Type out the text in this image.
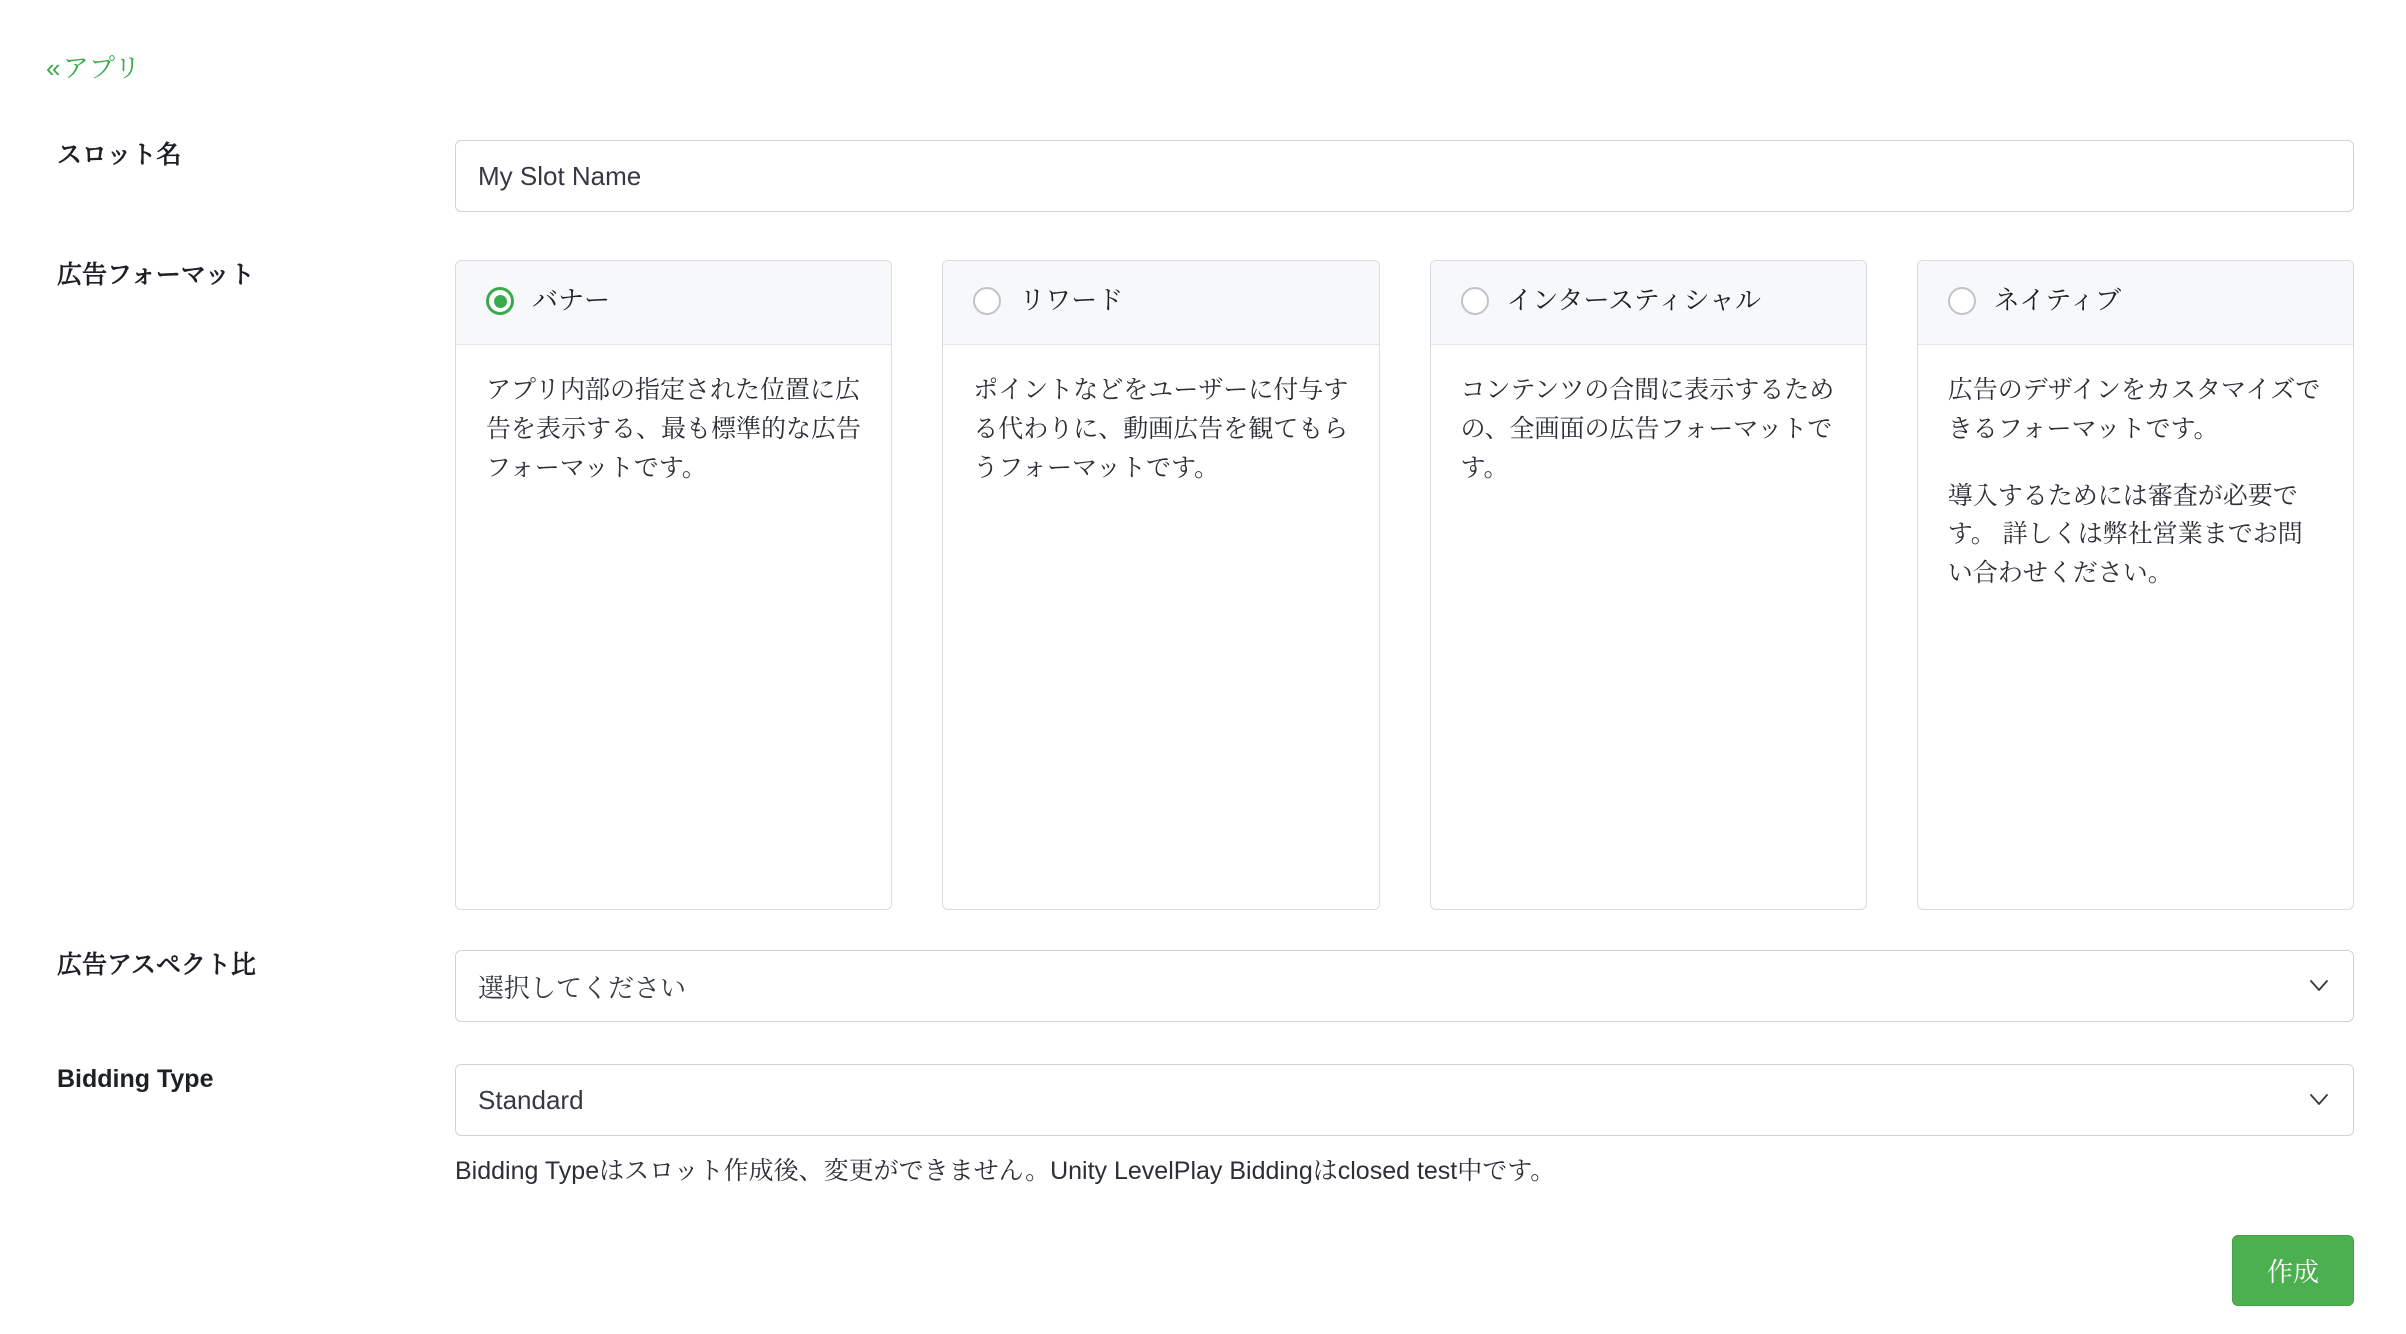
«アプリ
スロット名
My Slot Name
広告フォーマット
バナー

アプリ内部の指定された位置に広告を表示する、最も標準的な広告フォーマットです。

リワード

ポイントなどをユーザーに付与する代わりに、動画広告を観てもらうフォーマットです。

インタースティシャル

コンテンツの合間に表示するための、全画面の広告フォーマットです。

ネイティブ

広告のデザインをカスタマイズできるフォーマットです。

導入するためには審査が必要です。 詳しくは弊社営業までお問い合わせください。

広告アスペクト比
選択してください
Bidding Type
Standard
Bidding Typeはスロット作成後、変更ができません。Unity LevelPlay Biddingはclosed test中です。
作成
